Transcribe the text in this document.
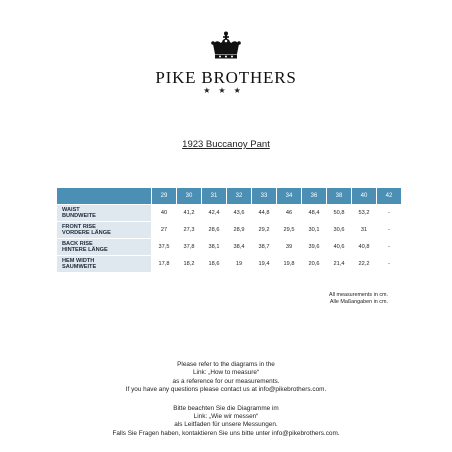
PIKE BROTHERS
★★★
1923 Buccanoy Pant
	29	30	31	32	33	34	36	38	40	42
WAIST
BUNDWEITE	40	41,2	42,4	43,6	44,8	46	48,4	50,8	53,2	-
FRONT RISE
VORDERE LÄNGE	27	27,3	28,6	28,9	29,2	29,5	30,1	30,6	31	-
BACK RISE
HINTERE LÄNGE	37,5	37,8	38,1	38,4	38,7	39	39,6	40,6	40,8	-
HEM WIDTH
SAUMWEITE	17,8	18,2	18,6	19	19,4	19,8	20,6	21,4	22,2	-
All measurements in cm.
Alle Maßangaben in cm.

Please refer to the diagrams in the

Link: „How to measure“

as a reference for our measurements.

If you have any questions please contact us at info@pikebrothers.com.

Bitte beachten Sie die Diagramme im

Link: „Wie wir messen“

als Leitfaden für unsere Messungen.

Falls Sie Fragen haben, kontaktieren Sie uns bitte unter info@pikebrothers.com.
